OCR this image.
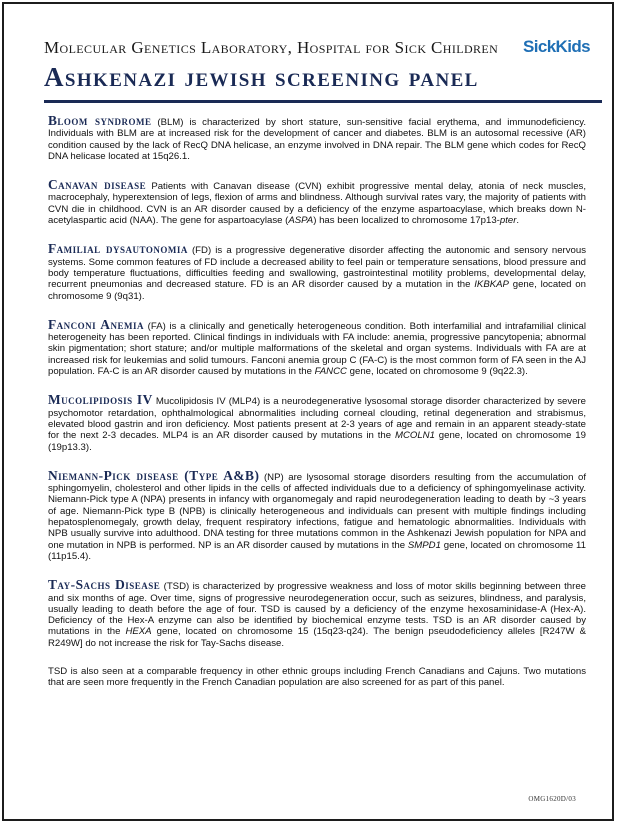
Molecular Genetics Laboratory, Hospital for Sick Children SickKids
Ashkenazi jewish screening panel

Bloom syndrome (BLM) is characterized by short stature, sun-sensitive facial erythema, and immunodeficiency. Individuals with BLM are at increased risk for the development of cancer and diabetes. BLM is an autosomal recessive (AR) condition caused by the lack of RecQ DNA helicase, an enzyme involved in DNA repair. The BLM gene which codes for RecQ DNA helicase located at 15q26.1.

Canavan disease Patients with Canavan disease (CVN) exhibit progressive mental delay, atonia of neck muscles, macrocephaly, hyperextension of legs, flexion of arms and blindness. Although survival rates vary, the majority of patients with CVN die in childhood. CVN is an AR disorder caused by a deficiency of the enzyme aspartoacylase, which breaks down N-acetylaspartic acid (NAA). The gene for aspartoacylase (ASPA) has been localized to chromosome 17p13-pter.

Familial dysautonomia (FD) is a progressive degenerative disorder affecting the autonomic and sensory nervous systems. Some common features of FD include a decreased ability to feel pain or temperature sensations, blood pressure and body temperature fluctuations, difficulties feeding and swallowing, gastrointestinal motility problems, developmental delay, recurrent pneumonias and decreased stature. FD is an AR disorder caused by a mutation in the IKBKAP gene, located on chromosome 9 (9q31).

Fanconi Anemia (FA) is a clinically and genetically heterogeneous condition. Both interfamilial and intrafamilial clinical heterogeneity has been reported. Clinical findings in individuals with FA include: anemia, progressive pancytopenia; abnormal skin pigmentation; short stature; and/or multiple malformations of the skeletal and organ systems. Individuals with FA are at increased risk for leukemias and solid tumours. Fanconi anemia group C (FA-C) is the most common form of FA seen in the AJ population. FA-C is an AR disorder caused by mutations in the FANCC gene, located on chromosome 9 (9q22.3).

Mucolipidosis IV Mucolipidosis IV (MLP4) is a neurodegenerative lysosomal storage disorder characterized by severe psychomotor retardation, ophthalmological abnormalities including corneal clouding, retinal degeneration and strabismus, elevated blood gastrin and iron deficiency. Most patients present at 2-3 years of age and remain in an apparent steady-state for the next 2-3 decades. MLP4 is an AR disorder caused by mutations in the MCOLN1 gene, located on chromosome 19 (19p13.3).

Niemann-Pick disease (Type A&B) (NP) are lysosomal storage disorders resulting from the accumulation of sphingomyelin, cholesterol and other lipids in the cells of affected individuals due to a deficiency of sphingomyelinase activity. Niemann-Pick type A (NPA) presents in infancy with organomegaly and rapid neurodegeneration leading to death by ~3 years of age. Niemann-Pick type B (NPB) is clinically heterogeneous and individuals can present with multiple findings including hepatosplenomegaly, growth delay, frequent respiratory infections, fatigue and hematologic abnormalities. Individuals with NPB usually survive into adulthood. DNA testing for three mutations common in the Ashkenazi Jewish population for NPA and one mutation in NPB is performed. NP is an AR disorder caused by mutations in the SMPD1 gene, located on chromosome 11 (11p15.4).

Tay-Sachs Disease (TSD) is characterized by progressive weakness and loss of motor skills beginning between three and six months of age. Over time, signs of progressive neurodegeneration occur, such as seizures, blindness, and paralysis, usually leading to death before the age of four. TSD is caused by a deficiency of the enzyme hexosaminidase-A (Hex-A). Deficiency of the Hex-A enzyme can also be identified by biochemical enzyme tests. TSD is an AR disorder caused by mutations in the HEXA gene, located on chromosome 15 (15q23-q24). The benign pseudodeficiency alleles [R247W & R249W] do not increase the risk for Tay-Sachs disease.

TSD is also seen at a comparable frequency in other ethnic groups including French Canadians and Cajuns. Two mutations that are seen more frequently in the French Canadian population are also screened for as part of this panel.

OMG1620D/03
